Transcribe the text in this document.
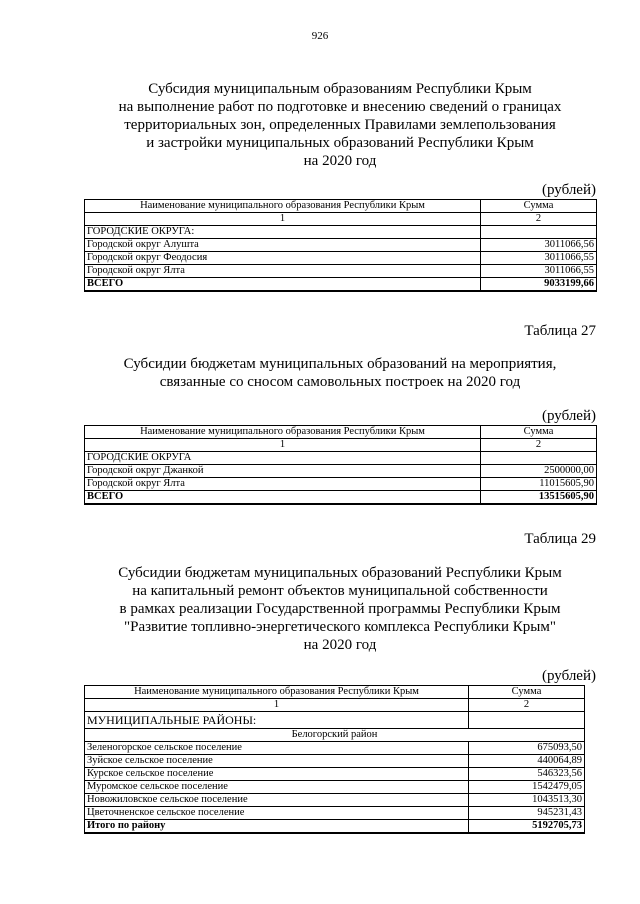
926
Субсидия муниципальным образованиям Республики Крым
на выполнение работ по подготовке и внесению сведений о границах
территориальных зон, определенных Правилами землепользования
и застройки муниципальных образований Республики Крым
на 2020 год
(рублей)
Наименование муниципального образования Республики Крым	Сумма
1	2
ГОРОДСКИЕ ОКРУГА:	
Городской округ Алушта	3011066,56
Городской округ Феодосия	3011066,55
Городской округ Ялта	3011066,55
ВСЕГО	9033199,66
Таблица 27
Субсидии бюджетам муниципальных образований на мероприятия,
связанные со сносом самовольных построек на 2020 год
(рублей)
Наименование муниципального образования Республики Крым	Сумма
1	2
ГОРОДСКИЕ ОКРУГА	
Городской округ Джанкой	2500000,00
Городской округ Ялта	11015605,90
ВСЕГО	13515605,90
Таблица 29
Субсидии бюджетам муниципальных образований Республики Крым
на капитальный ремонт объектов муниципальной собственности
в рамках реализации Государственной программы Республики Крым
"Развитие топливно-энергетического комплекса Республики Крым"
на 2020 год
(рублей)
Наименование муниципального образования Республики Крым	Сумма
1	2
МУНИЦИПАЛЬНЫЕ РАЙОНЫ:	
Белогорский район	
Зеленогорское сельское поселение	675093,50
Зуйское сельское поселение	440064,89
Курское сельское поселение	546323,56
Муромское сельское поселение	1542479,05
Новожиловское сельское поселение	1043513,30
Цветочненское сельское поселение	945231,43
Итого по району	5192705,73
